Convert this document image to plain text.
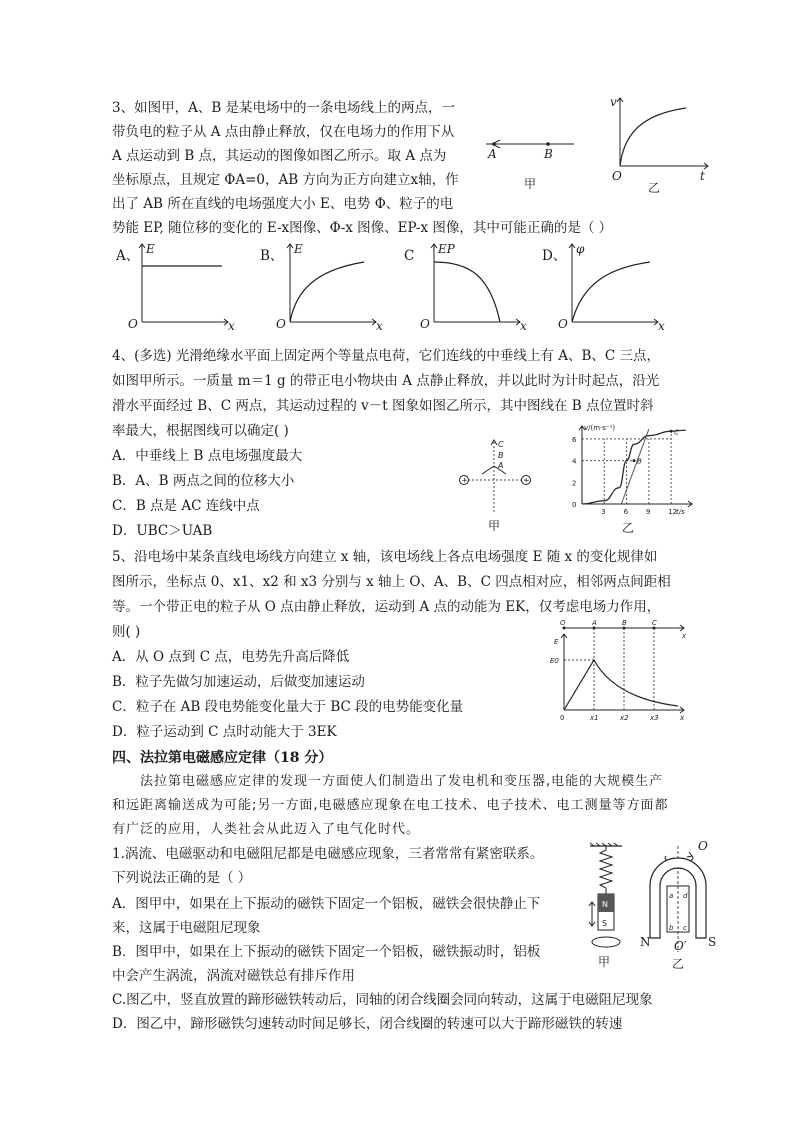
3、如图甲，A、B 是某电场中的一条电场线上的两点，一
带负电的粒子从 A 点由静止释放，仅在电场力的作用下从
A 点运动到 B 点，其运动的图像如图乙所示。取 A 点为
坐标原点，且规定 ΦA=0，AB 方向为正方向建立x轴，作
出了 AB 所在直线的电场强度大小 E、电势 Φ、粒子的电
势能 EP, 随位移的变化的 E-x图像、Φ-x 图像、EP-x 图像，其中可能正确的是（ ）
A	B
甲
v
t
O
乙
A、 E
x
O
B、 E
x
O
C EP
x
O
D、 φ
x
O
4、(多选) 光滑绝缘水平面上固定两个等量点电荷，它们连线的中垂线上有 A、B、C 三点，
如图甲所示。一质量 m＝1 g 的带正电小物块由 A 点静止释放，并以此时为计时起点，沿光
滑水平面经过 B、C 两点，其运动过程的 v－t 图象如图乙所示，其中图线在 B 点位置时斜
率最大，根据图线可以确定( )
A．中垂线上 B 点电场强度最大
B．A、B 两点之间的位移大小
C．B 点是 AC 连线中点
D．UBC＞UAB
+	+
C
B
A
甲
6
4
2
0
3	6	9	12
B
C
v/(m·s⁻¹)
t/s
乙
5、沿电场中某条直线电场线方向建立 x 轴，该电场线上各点电场强度 E 随 x 的变化规律如
图所示，坐标点 0、x1、x2 和 x3 分别与 x 轴上 O、A、B、C 四点相对应，相邻两点间距相
等。一个带正电的粒子从 O 点由静止释放，运动到 A 点的动能为 EK，仅考虑电场力作用，
则( )
A．从 O 点到 C 点，电势先升高后降低
B．粒子先做匀加速运动，后做变加速运动
C．粒子在 AB 段电势能变化量大于 BC 段的电势能变化量
D．粒子运动到 C 点时动能大于 3EK
O	A	B	C
x
E
E0
0	x1	x2	x3	x
四、法拉第电磁感应定律（18 分）
法拉第电磁感应定律的发现一方面使人们制造出了发电机和变压器,电能的大规模生产
和远距离输送成为可能;另一方面,电磁感应现象在电工技术、电子技术、电工测量等方面都
有广泛的应用，人类社会从此迈入了电气化时代。
1.涡流、电磁驱动和电磁阻尼都是电磁感应现象，三者常常有紧密联系。
下列说法正确的是（ ）
A．图甲中，如果在上下振动的磁铁下固定一个铝板，磁铁会很快静止下
来，这属于电磁阻尼现象
B．图甲中，如果在上下振动的磁铁下固定一个铝板，磁铁振动时，铝板
中会产生涡流，涡流对磁铁总有排斥作用
C.图乙中，竖直放置的蹄形磁铁转动后，同轴的闭合线圈会同向转动，这属于电磁阻尼现象
D．图乙中，蹄形磁铁匀速转动时间足够长，闭合线圈的转速可以大于蹄形磁铁的转速
N
S
甲
O
a d
b c
N	S
O′
乙
